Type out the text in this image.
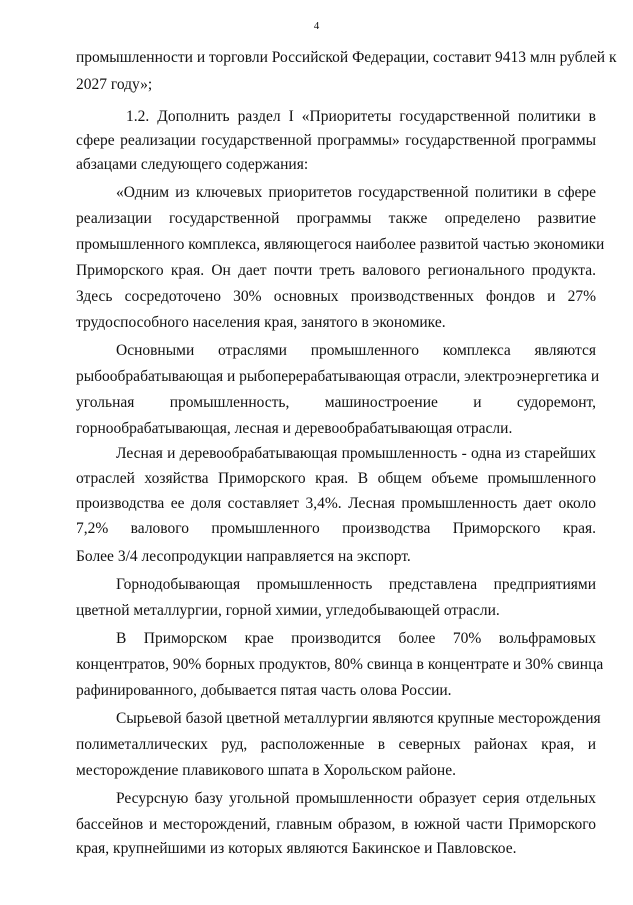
4
промышленности и торговли Российской Федерации, составит 9413 млн рублей к
2027 году»;
1.2. Дополнить раздел I «Приоритеты государственной политики в
сфере реализации государственной программы» государственной программы
абзацами следующего содержания:
«Одним из ключевых приоритетов государственной политики в сфере
реализации государственной программы также определено развитие
промышленного комплекса, являющегося наиболее развитой частью экономики
Приморского края. Он дает почти треть валового регионального продукта.
Здесь сосредоточено 30% основных производственных фондов и 27%
трудоспособного населения края, занятого в экономике.
Основными отраслями промышленного комплекса являются
рыбообрабатывающая и рыбоперерабатывающая отрасли, электроэнергетика и
угольная промышленность, машиностроение и судоремонт,
горнообрабатывающая, лесная и деревообрабатывающая отрасли.
Лесная и деревообрабатывающая промышленность - одна из старейших
отраслей хозяйства Приморского края. В общем объеме промышленного
производства ее доля составляет 3,4%. Лесная промышленность дает около
7,2% валового промышленного производства Приморского края.
Более 3/4 лесопродукции направляется на экспорт.
Горнодобывающая промышленность представлена предприятиями
цветной металлургии, горной химии, угледобывающей отрасли.
В Приморском крае производится более 70% вольфрамовых
концентратов, 90% борных продуктов, 80% свинца в концентрате и 30% свинца
рафинированного, добывается пятая часть олова России.
Сырьевой базой цветной металлургии являются крупные месторождения
полиметаллических руд, расположенные в северных районах края, и
месторождение плавикового шпата в Хорольском районе.
Ресурсную базу угольной промышленности образует серия отдельных
бассейнов и месторождений, главным образом, в южной части Приморского
края, крупнейшими из которых являются Бакинское и Павловское.
